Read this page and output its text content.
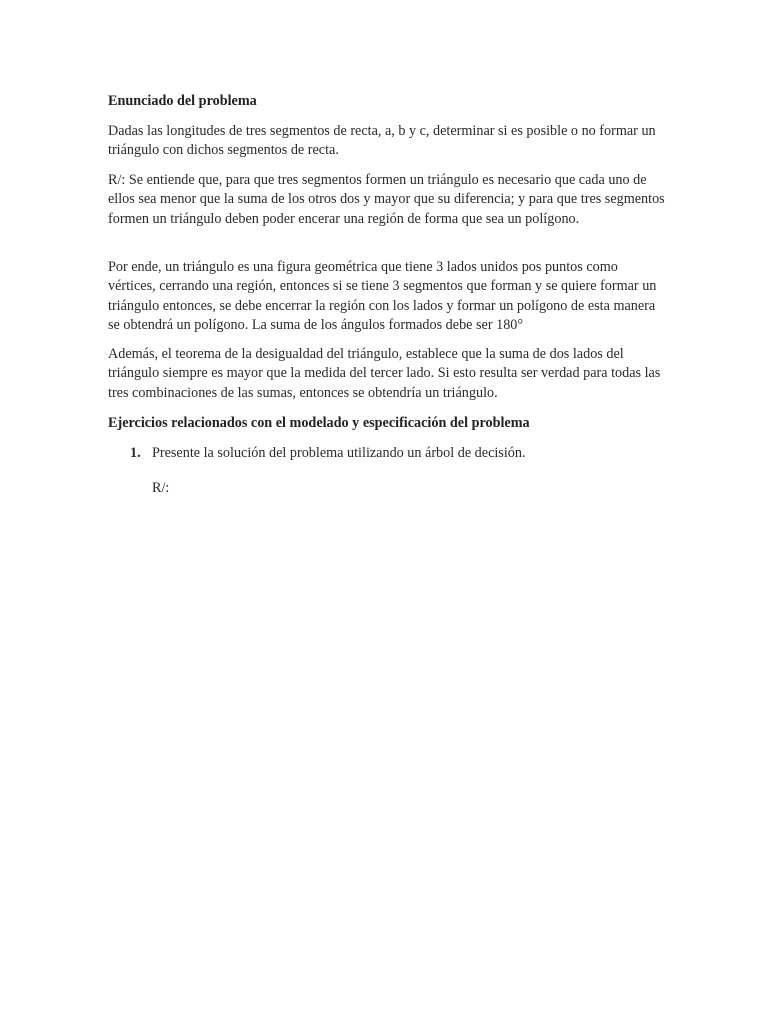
Enunciado del problema

Dadas las longitudes de tres segmentos de recta, a, b y c, determinar si es posible o no formar un triángulo con dichos segmentos de recta.

R/: Se entiende que, para que tres segmentos formen un triángulo es necesario que cada uno de ellos sea menor que la suma de los otros dos y mayor que su diferencia; y para que tres segmentos formen un triángulo deben poder encerar una región de forma que sea un polígono.

Por ende, un triángulo es una figura geométrica que tiene 3 lados unidos pos puntos como vértices, cerrando una región, entonces si se tiene 3 segmentos que forman y se quiere formar un triángulo entonces, se debe encerrar la región con los lados y formar un polígono de esta manera se obtendrá un polígono. La suma de los ángulos formados debe ser 180°

Además, el teorema de la desigualdad del triángulo, establece que la suma de dos lados del triángulo siempre es mayor que la medida del tercer lado. Si esto resulta ser verdad para todas las tres combinaciones de las sumas, entonces se obtendría un triángulo.

Ejercicios relacionados con el modelado y especificación del problema

1. Presente la solución del problema utilizando un árbol de decisión.
R/:
